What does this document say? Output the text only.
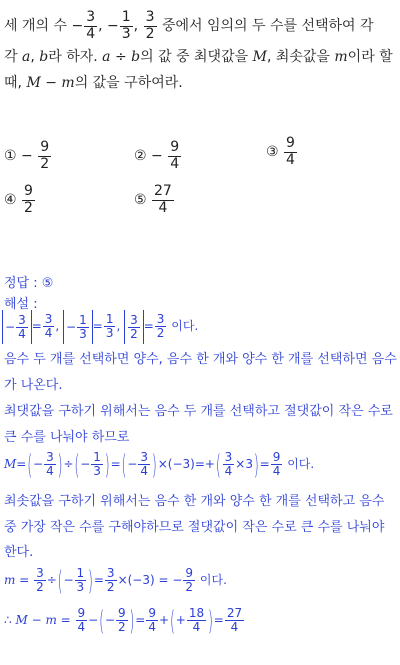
세 개의 수 − $\frac{3}{4}$ , − $\frac{1}{3}$ , $\frac{3}{2}$ 중에서 임의의 두 수를 선택하여 각
각 a, b라 하자. a ÷ b의 값 중 최댓값을 M, 최솟값을 m이라 할
때, M − m의 값을 구하여라.
① − $\frac{9}{2}$	② − $\frac{9}{4}$	③ $\frac{9}{4}$
④ $\frac{9}{2}$	⑤ $\frac{27}{4}$
정답 : ⑤
해설 :
− $\frac{3}{4} = \frac{3}{4}$ , − $\frac{1}{3} = \frac{1}{3}$ , $\frac{3}{2} = \frac{3}{2}$ 이다.
음수 두 개를 선택하면 양수, 음수 한 개와 양수 한 개를 선택하면 음수
가 나온다.
최댓값을 구하기 위해서는 음수 두 개를 선택하고 절댓값이 작은 수로
큰 수를 나눠야 하므로
$M=(- \frac{3}{4}$ )÷(− $\frac{1}{3}$ )=(− $\frac{3}{4} )\times(-3)=+( \frac{3}{4} \times 3)= \frac{9}{4}$ 이다.
최솟값을 구하기 위해서는 음수 한 개와 양수 한 개를 선택하고 음수
중 가장 작은 수를 구해야하므로 절댓값이 작은 수로 큰 수를 나눠야
한다.
$m = \frac{3}{2}$ ÷(− $\frac{1}{3}$ )= $\frac{3}{2} \times(-3)$ = − $\frac{9}{2}$ 이다.
∴ $M - m = \frac{9}{4}$ −(− $\frac{9}{2}$ )= $\frac{9}{4}$ +(+ $\frac{18}{4}$ )= $\frac{27}{4}$
